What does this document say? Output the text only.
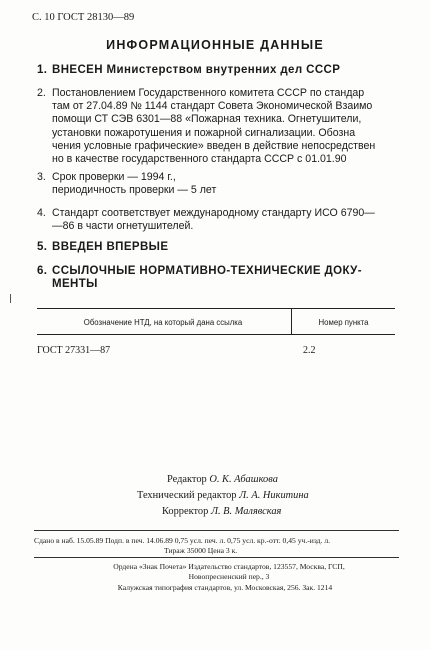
С. 10 ГОСТ 28130—89
ИНФОРМАЦИОННЫЕ ДАННЫЕ
1. ВНЕСЕН Министерством внутренних дел СССР
2. Постановлением Государственного комитета СССР по стандар
там от 27.04.89 № 1144 стандарт Совета Экономической Взаимо
помощи СТ СЭВ 6301—88 «Пожарная техника. Огнетушители,
установки пожаротушения и пожарной сигнализации. Обозна
чения условные графические» введен в действие непосредствен
но в качестве государственного стандарта СССР с 01.01.90
3. Срок проверки — 1994 г.,
периодичность проверки — 5 лет
4. Стандарт соответствует международному стандарту ИСО 6790—
—86 в части огнетушителей.
5. ВВЕДЕН ВПЕРВЫЕ
6. ССЫЛОЧНЫЕ НОРМАТИВНО-ТЕХНИЧЕСКИЕ ДОКУ-
МЕНТЫ
Обозначение НТД, на который дана ссылка	Номер пункта
ГОСТ 27331—87	2.2
Редактор О. К. Абашкова
Технический редактор Л. А. Никитина
Корректор Л. В. Малявская
Сдано в наб. 15.05.89 Подп. в печ. 14.06.89 0,75 усл. печ. л. 0,75 усл. кр.-отт. 0,45 уч.-изд. л.
Тираж 35000 Цена 3 к.
Ордена «Знак Почета» Издательство стандартов, 123557, Москва, ГСП,
Новопресненский пер., 3
Калужская типография стандартов, ул. Московская, 256. Зак. 1214
